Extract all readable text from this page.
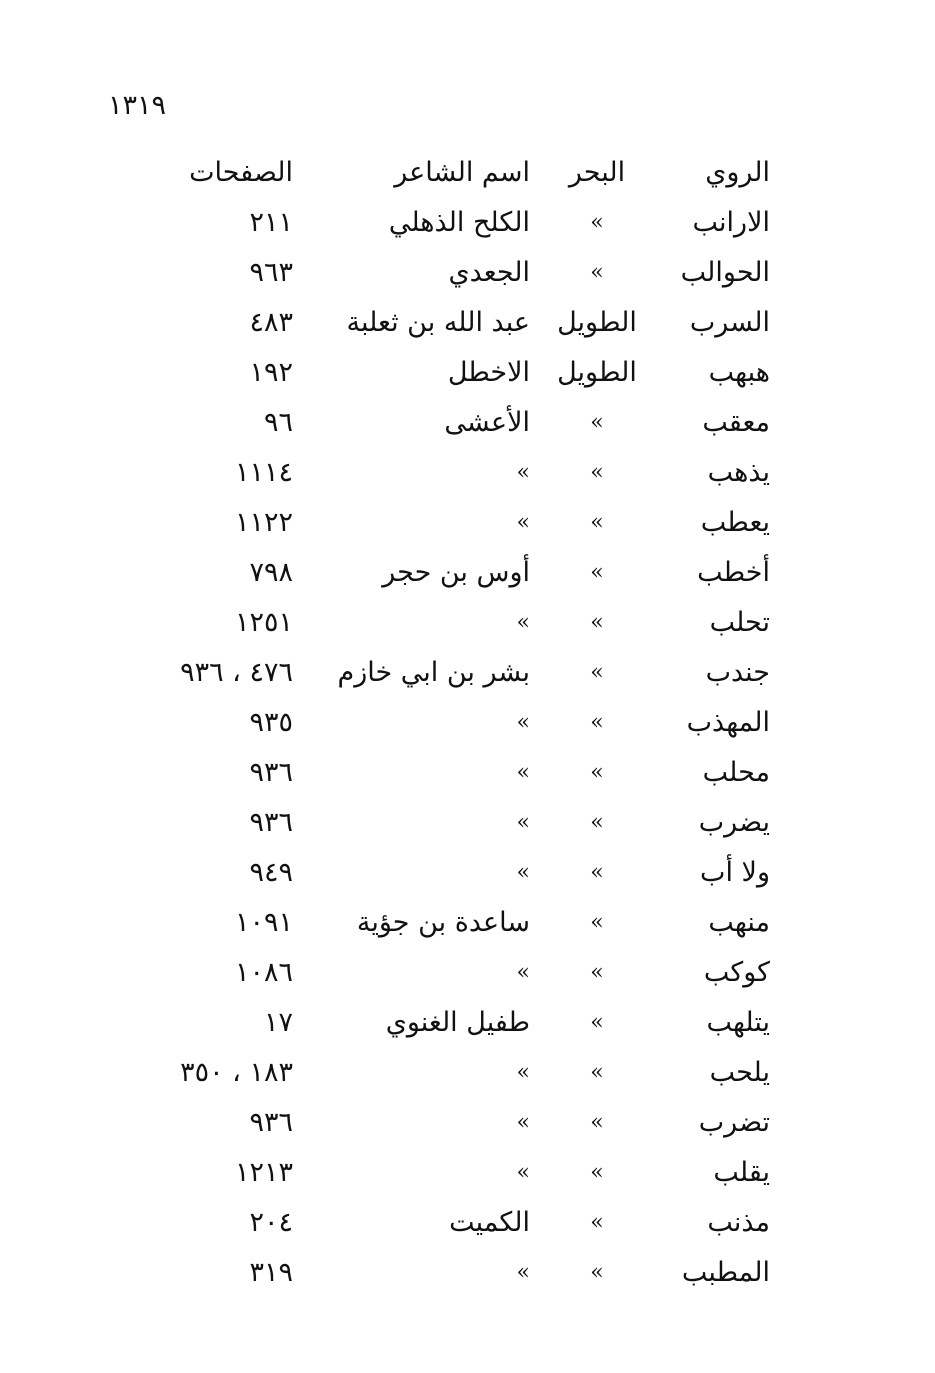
١٣١٩
الروي
البحر
اسم الشاعر
الصفحات
الارانب
»
الكلح الذهلي
٢١١
الحوالب
»
الجعدي
٩٦٣
السرب
الطويل
عبد الله بن ثعلبة
٤٨٣
هبهب
الطويل
الاخطل
١٩٢
معقب
»
الأعشى
٩٦
يذهب
»
»
١١١٤
يعطب
»
»
١١٢٢
أخطب
»
أوس بن حجر
٧٩٨
تحلب
»
»
١٢٥١
جندب
»
بشر بن ابي خازم
٤٧٦ ، ٩٣٦
المهذب
»
»
٩٣٥
محلب
»
»
٩٣٦
يضرب
»
»
٩٣٦
ولا أب
»
»
٩٤٩
منهب
»
ساعدة بن جؤية
١٠٩١
كوكب
»
»
١٠٨٦
يتلهب
»
طفيل الغنوي
١٧
يلحب
»
»
١٨٣ ، ٣٥٠
تضرب
»
»
٩٣٦
يقلب
»
»
١٢١٣
مذنب
»
الكميت
٢٠٤
المطبب
»
»
٣١٩
